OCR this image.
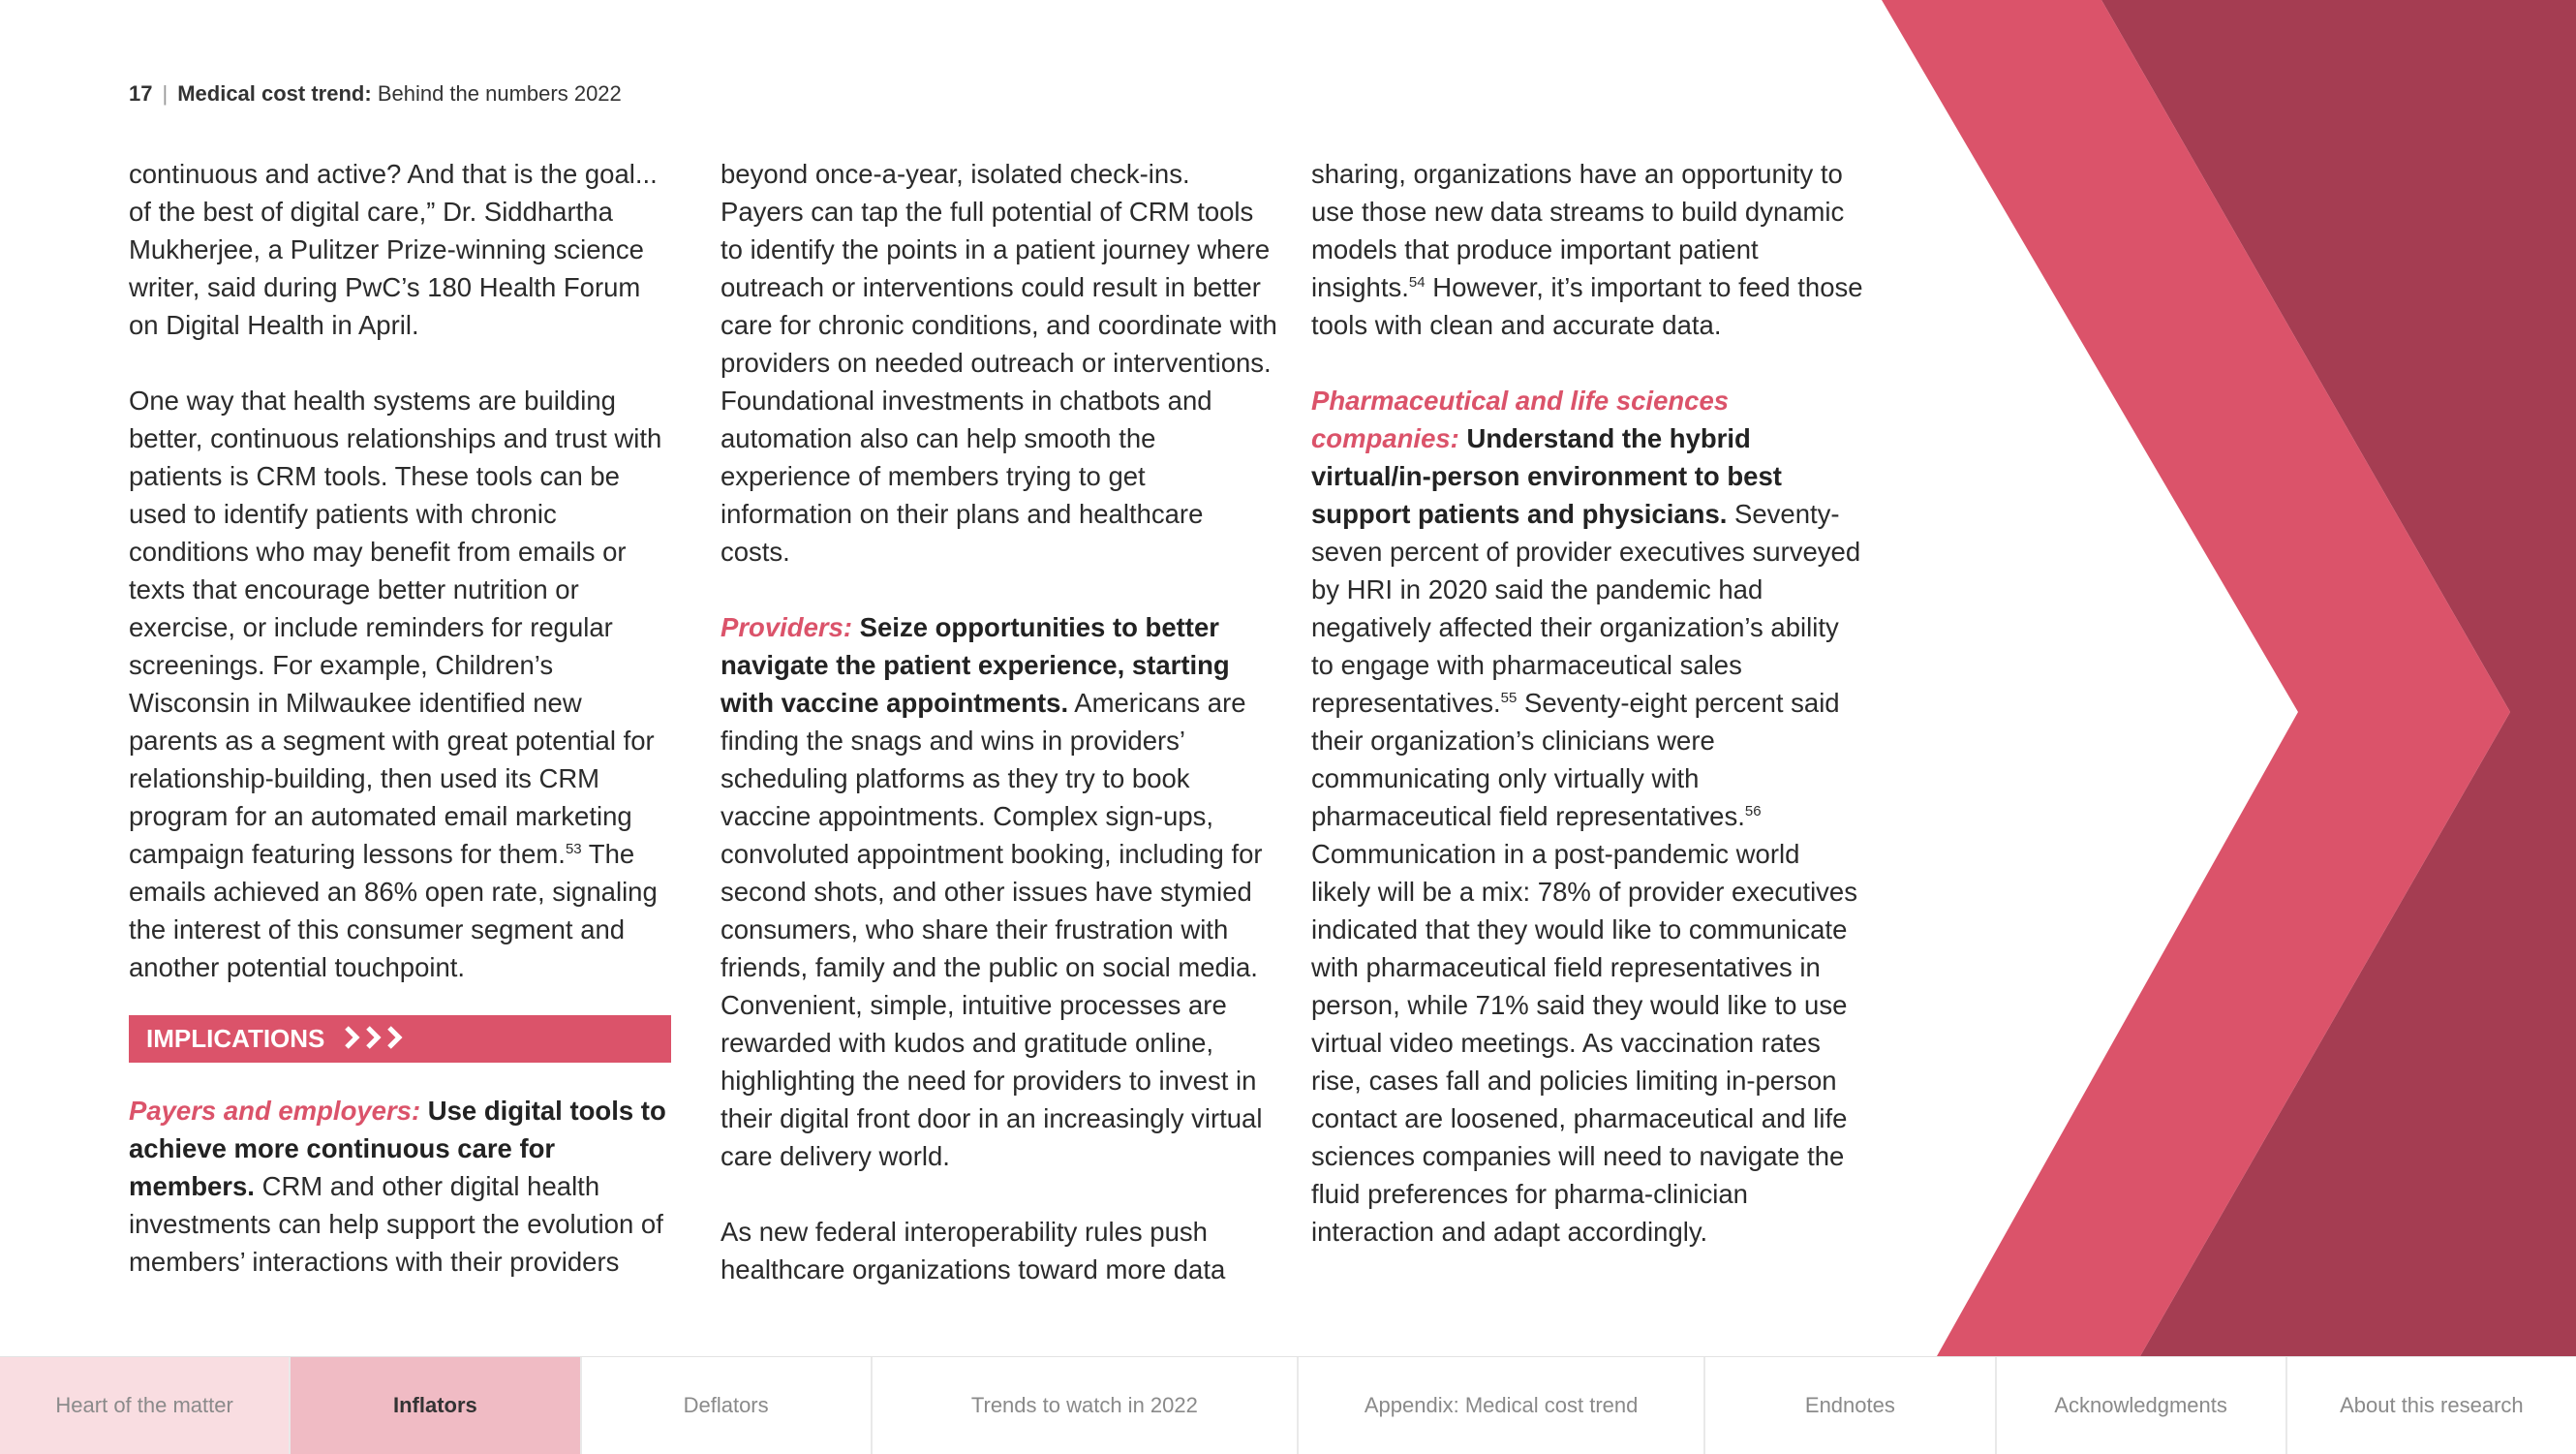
17 | Medical cost trend: Behind the numbers 2022

continuous and active? And that is the goal... of the best of digital care,” Dr. Siddhartha Mukherjee, a Pulitzer Prize-winning science writer, said during PwC’s 180 Health Forum on Digital Health in April.

One way that health systems are building better, continuous relationships and trust with patients is CRM tools. These tools can be used to identify patients with chronic conditions who may benefit from emails or texts that encourage better nutrition or exercise, or include reminders for regular screenings. For example, Children’s Wisconsin in Milwaukee identified new parents as a segment with great potential for relationship-building, then used its CRM program for an automated email marketing campaign featuring lessons for them.$^{53}$ The emails achieved an 86% open rate, signaling the interest of this consumer segment and another potential touchpoint.

IMPLICATIONS

Payers and employers: Use digital tools to achieve more continuous care for members. CRM and other digital health investments can help support the evolution of members’ interactions with their providers

beyond once-a-year, isolated check-ins. Payers can tap the full potential of CRM tools to identify the points in a patient journey where outreach or interventions could result in better care for chronic conditions, and coordinate with providers on needed outreach or interventions. Foundational investments in chatbots and automation also can help smooth the experience of members trying to get information on their plans and healthcare costs.

Providers: Seize opportunities to better navigate the patient experience, starting with vaccine appointments. Americans are finding the snags and wins in providers’ scheduling platforms as they try to book vaccine appointments. Complex sign-ups, convoluted appointment booking, including for second shots, and other issues have stymied consumers, who share their frustration with friends, family and the public on social media. Convenient, simple, intuitive processes are rewarded with kudos and gratitude online, highlighting the need for providers to invest in their digital front door in an increasingly virtual care delivery world.

As new federal interoperability rules push healthcare organizations toward more data

sharing, organizations have an opportunity to use those new data streams to build dynamic models that produce important patient insights.$^{54}$ However, it’s important to feed those tools with clean and accurate data.

Pharmaceutical and life sciences companies: Understand the hybrid virtual/in-person environment to best support patients and physicians. Seventy-seven percent of provider executives surveyed by HRI in 2020 said the pandemic had negatively affected their organization’s ability to engage with pharmaceutical sales representatives.$^{55}$ Seventy-eight percent said their organization’s clinicians were communicating only virtually with pharmaceutical field representatives.$^{56}$ Communication in a post-pandemic world likely will be a mix: 78% of provider executives indicated that they would like to communicate with pharmaceutical field representatives in person, while 71% said they would like to use virtual video meetings. As vaccination rates rise, cases fall and policies limiting in-person contact are loosened, pharmaceutical and life sciences companies will need to navigate the fluid preferences for pharma-clinician interaction and adapt accordingly.

Heart of the matter	Inflators	Deflators	Trends to watch in 2022	Appendix: Medical cost trend	Endnotes	Acknowledgments	About this research
